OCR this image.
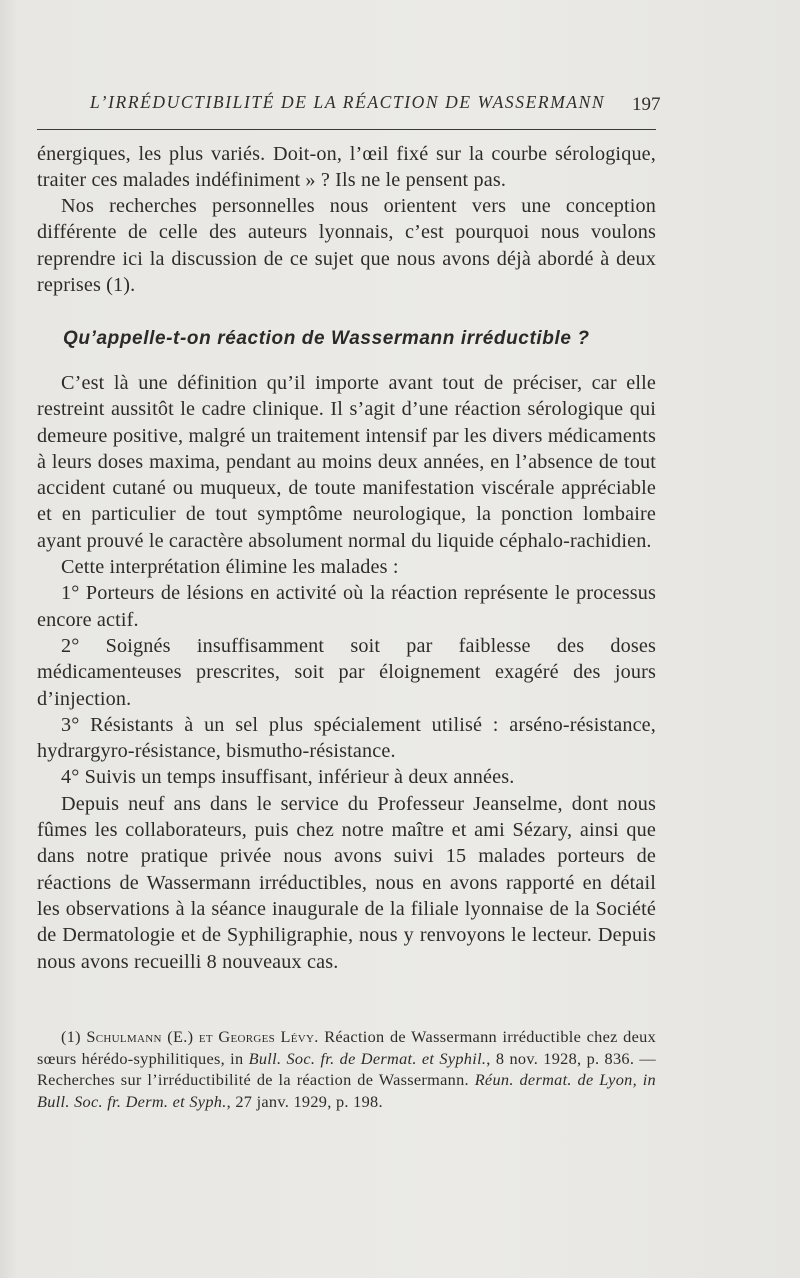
L’IRRÉDUCTIBILITÉ DE LA RÉACTION DE WASSERMANN	197

énergiques, les plus variés. Doit-on, l’œil fixé sur la courbe sérologique, traiter ces malades indéfiniment » ? Ils ne le pensent pas.

Nos recherches personnelles nous orientent vers une conception différente de celle des auteurs lyonnais, c’est pourquoi nous voulons reprendre ici la discussion de ce sujet que nous avons déjà abordé à deux reprises (1).

Qu’appelle-t-on réaction de Wassermann irréductible ?

C’est là une définition qu’il importe avant tout de préciser, car elle restreint aussitôt le cadre clinique. Il s’agit d’une réaction sérologique qui demeure positive, malgré un traitement intensif par les divers médicaments à leurs doses maxima, pendant au moins deux années, en l’absence de tout accident cutané ou muqueux, de toute manifestation viscérale appréciable et en particulier de tout symptôme neurologique, la ponction lombaire ayant prouvé le caractère absolument normal du liquide céphalo-rachidien.

Cette interprétation élimine les malades :

1° Porteurs de lésions en activité où la réaction représente le processus encore actif.

2° Soignés insuffisamment soit par faiblesse des doses médicamenteuses prescrites, soit par éloignement exagéré des jours d’injection.

3° Résistants à un sel plus spécialement utilisé : arséno-résistance, hydrargyro-résistance, bismutho-résistance.

4° Suivis un temps insuffisant, inférieur à deux années.

Depuis neuf ans dans le service du Professeur Jeanselme, dont nous fûmes les collaborateurs, puis chez notre maître et ami Sézary, ainsi que dans notre pratique privée nous avons suivi 15 malades porteurs de réactions de Wassermann irréductibles, nous en avons rapporté en détail les observations à la séance inaugurale de la filiale lyonnaise de la Société de Dermatologie et de Syphiligraphie, nous y renvoyons le lecteur. Depuis nous avons recueilli 8 nouveaux cas.

(1) Schulmann (E.) et Georges Lévy. Réaction de Wassermann irréductible chez deux sœurs hérédo-syphilitiques, in Bull. Soc. fr. de Dermat. et Syphil., 8 nov. 1928, p. 836. — Recherches sur l’irréductibilité de la réaction de Wassermann. Réun. dermat. de Lyon, in Bull. Soc. fr. Derm. et Syph., 27 janv. 1929, p. 198.
